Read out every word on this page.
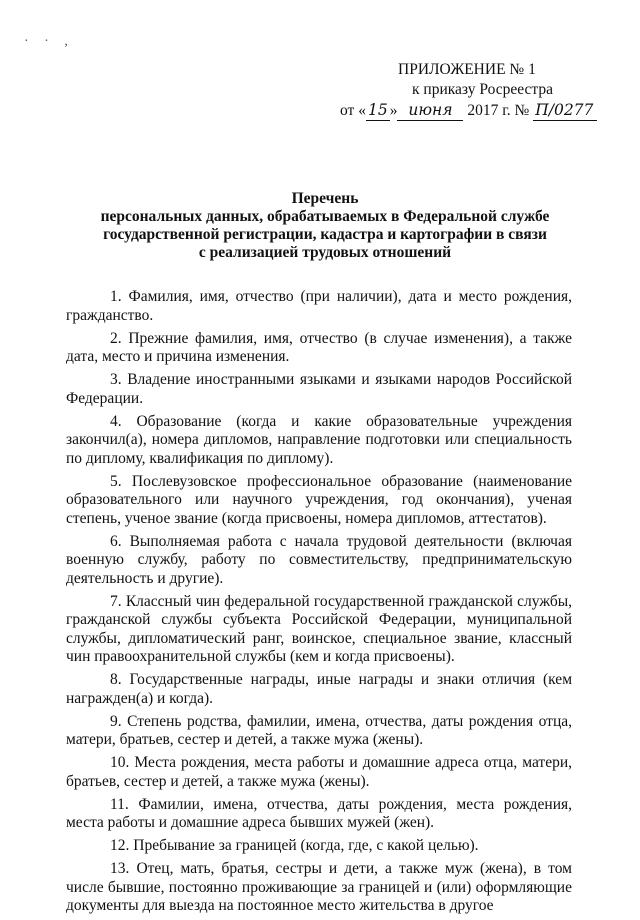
· · ,
ПРИЛОЖЕНИЕ № 1
к приказу Росреестра
от « 15 » июня 2017 г. № П/0277
Перечень
персональных данных, обрабатываемых в Федеральной службе
государственной регистрации, кадастра и картографии в связи
с реализацией трудовых отношений

1. Фамилия, имя, отчество (при наличии), дата и место рождения, гражданство.

2. Прежние фамилия, имя, отчество (в случае изменения), а также дата, место и причина изменения.

3. Владение иностранными языками и языками народов Российской Федерации.

4. Образование (когда и какие образовательные учреждения закончил(а), номера дипломов, направление подготовки или специальность по диплому, квалификация по диплому).

5. Послевузовское профессиональное образование (наименование образовательного или научного учреждения, год окончания), ученая степень, ученое звание (когда присвоены, номера дипломов, аттестатов).

6. Выполняемая работа с начала трудовой деятельности (включая военную службу, работу по совместительству, предпринимательскую деятельность и другие).

7. Классный чин федеральной государственной гражданской службы, гражданской службы субъекта Российской Федерации, муниципальной службы, дипломатический ранг, воинское, специальное звание, классный чин правоохранительной службы (кем и когда присвоены).

8. Государственные награды, иные награды и знаки отличия (кем награжден(а) и когда).

9. Степень родства, фамилии, имена, отчества, даты рождения отца, матери, братьев, сестер и детей, а также мужа (жены).

10. Места рождения, места работы и домашние адреса отца, матери, братьев, сестер и детей, а также мужа (жены).

11. Фамилии, имена, отчества, даты рождения, места рождения, места работы и домашние адреса бывших мужей (жен).

12. Пребывание за границей (когда, где, с какой целью).

13. Отец, мать, братья, сестры и дети, а также муж (жена), в том числе бывшие, постоянно проживающие за границей и (или) оформляющие документы для выезда на постоянное место жительства в другое
